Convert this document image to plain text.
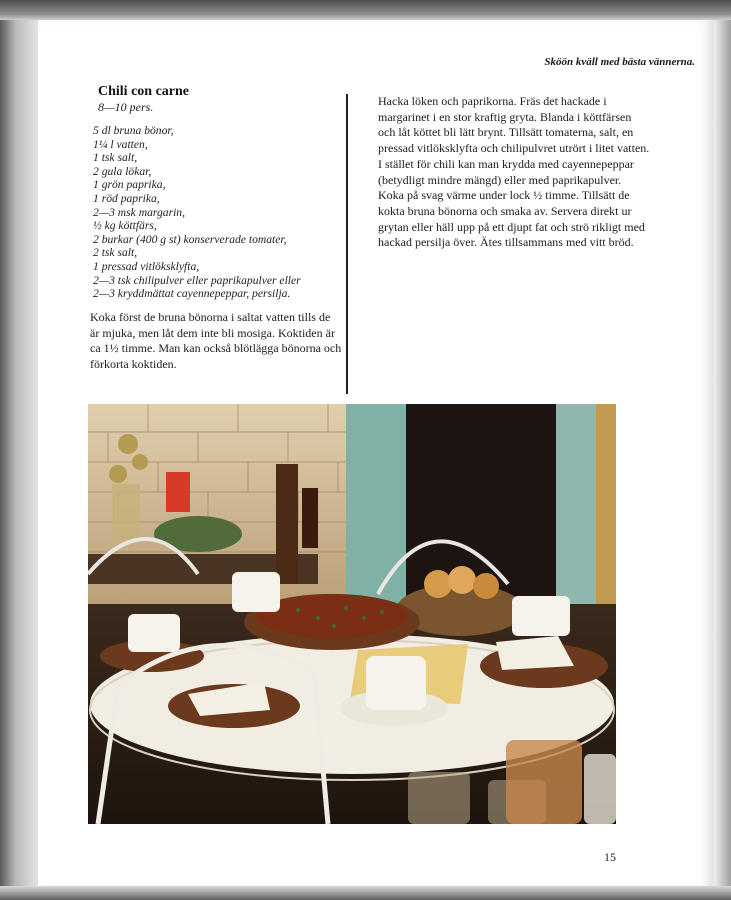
Sköön kväll med bästa vännerna.
Chili con carne
8—10 pers.
5 dl bruna bönor,
1¼ l vatten,
1 tsk salt,
2 gula lökar,
1 grön paprika,
1 röd paprika,
2—3 msk margarin,
½ kg köttfärs,
2 burkar (400 g st) konserverade tomater,
2 tsk salt,
1 pressad vitlöksklyfta,
2—3 tsk chilipulver eller paprikapulver eller
2—3 kryddmättat cayennepeppar, persilja.
Koka först de bruna bönorna i saltat vatten tills de är mjuka, men låt dem inte bli mosiga. Koktiden är ca 1½ timme. Man kan också blötlägga bönorna och förkorta koktiden.
Hacka löken och paprikorna. Fräs det hackade i margarinet i en stor kraftig gryta. Blanda i köttfärsen och låt köttet bli lätt brynt. Tillsätt tomaterna, salt, en pressad vitlöksklyfta och chilipulvret utrört i litet vatten. I stället för chili kan man krydda med cayennepeppar (betydligt mindre mängd) eller med paprikapulver. Koka på svag värme under lock ½ timme. Tillsätt de kokta bruna bönorna och smaka av. Servera direkt ur grytan eller häll upp på ett djupt fat och strö rikligt med hackad persilja över. Ätes tillsammans med vitt bröd.
15
